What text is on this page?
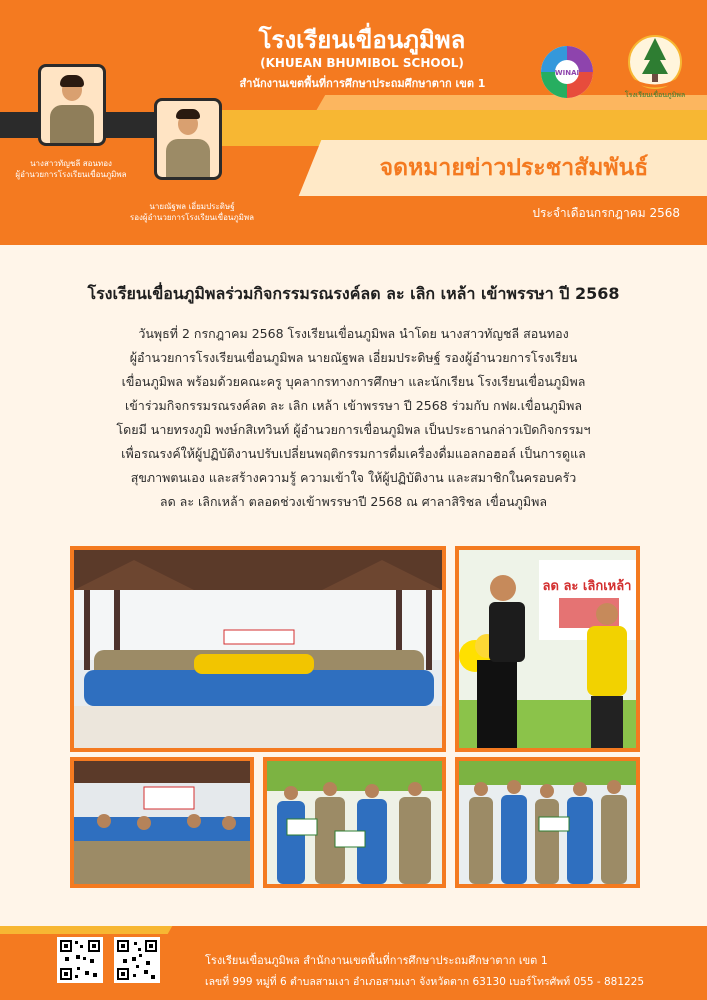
โรงเรียนเขื่อนภูมิพล
(KHUEAN BHUMIBOL SCHOOL)
สำนักงานเขตพื้นที่การศึกษาประถมศึกษาตาก เขต 1
นางสาวทัญชลี สอนทอง
ผู้อำนวยการโรงเรียนเขื่อนภูมิพล
นายณัฐพล เอี่ยมประดิษฐ์
รองผู้อำนวยการโรงเรียนเขื่อนภูมิพล
WINAI
โรงเรียนเขื่อนภูมิพล
จดหมายข่าวประชาสัมพันธ์
ประจำเดือนกรกฎาคม 2568
โรงเรียนเขื่อนภูมิพลร่วมกิจกรรมรณรงค์ลด ละ เลิก เหล้า เข้าพรรษา ปี 2568

วันพุธที่ 2 กรกฎาคม 2568 โรงเรียนเขื่อนภูมิพล นำโดย นางสาวทัญชลี สอนทอง

ผู้อำนวยการโรงเรียนเขื่อนภูมิพล นายณัฐพล เอี่ยมประดิษฐ์ รองผู้อำนวยการโรงเรียน

เขื่อนภูมิพล พร้อมด้วยคณะครู บุคลากรทางการศึกษา และนักเรียน โรงเรียนเขื่อนภูมิพล

เข้าร่วมกิจกรรมรณรงค์ลด ละ เลิก เหล้า เข้าพรรษา ปี 2568 ร่วมกับ กฟผ.เขื่อนภูมิพล

โดยมี นายทรงภูมิ พงษ์กสิเทวินท์ ผู้อำนวยการเขื่อนภูมิพล เป็นประธานกล่าวเปิดกิจกรรมฯ

เพื่อรณรงค์ให้ผู้ปฏิบัติงานปรับเปลี่ยนพฤติกรรมการดื่มเครื่องดื่มแอลกอฮอล์ เป็นการดูแล

สุขภาพตนเอง และสร้างความรู้ ความเข้าใจ ให้ผู้ปฏิบัติงาน และสมาชิกในครอบครัว

ลด ละ เลิกเหล้า ตลอดช่วงเข้าพรรษาปี 2568 ณ ศาลาสิริชล เขื่อนภูมิพล

ลด ละ เลิกเหล้า
โรงเรียนเขื่อนภูมิพล สำนักงานเขตพื้นที่การศึกษาประถมศึกษาตาก เขต 1
เลขที่ 999 หมู่ที่ 6 ตำบลสามเงา อำเภอสามเงา จังหวัดตาก 63130 เบอร์โทรศัพท์ 055 - 881225
